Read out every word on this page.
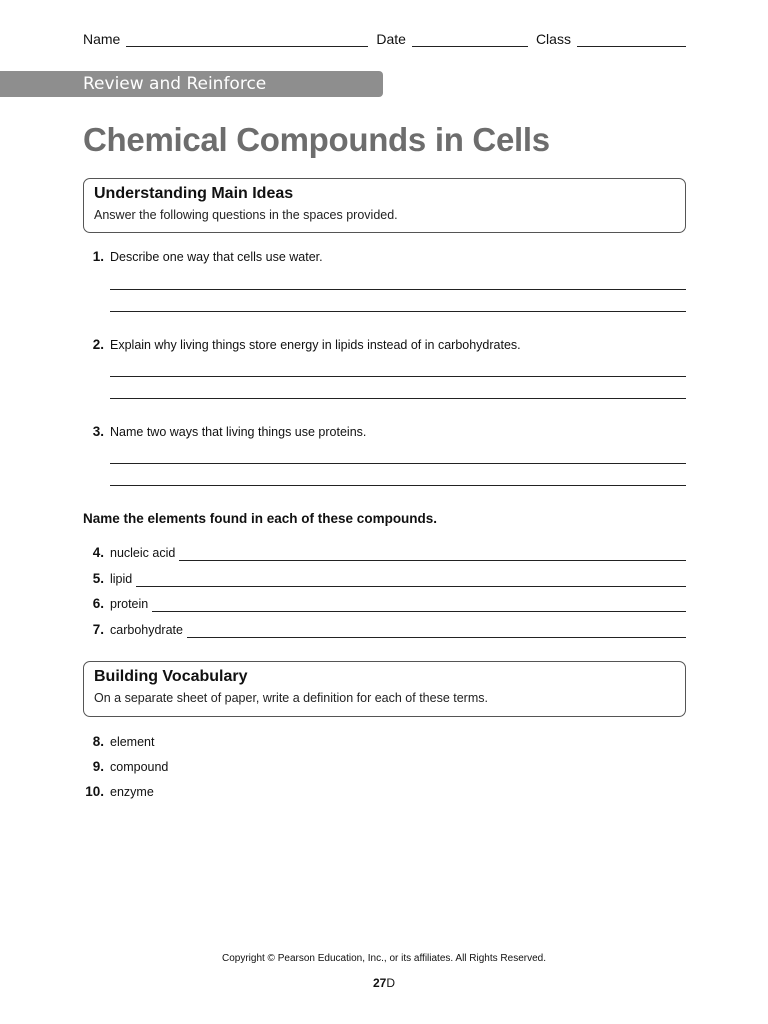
Name	Date	Class
Review and Reinforce
Chemical Compounds in Cells
Understanding Main Ideas
Answer the following questions in the spaces provided.
1. Describe one way that cells use water.
2. Explain why living things store energy in lipids instead of in carbohydrates.
3. Name two ways that living things use proteins.
Name the elements found in each of these compounds.
4. nucleic acid
5. lipid
6. protein
7. carbohydrate
Building Vocabulary
On a separate sheet of paper, write a definition for each of these terms.
8. element
9. compound
10. enzyme
Copyright © Pearson Education, Inc., or its affiliates. All Rights Reserved.
27D
